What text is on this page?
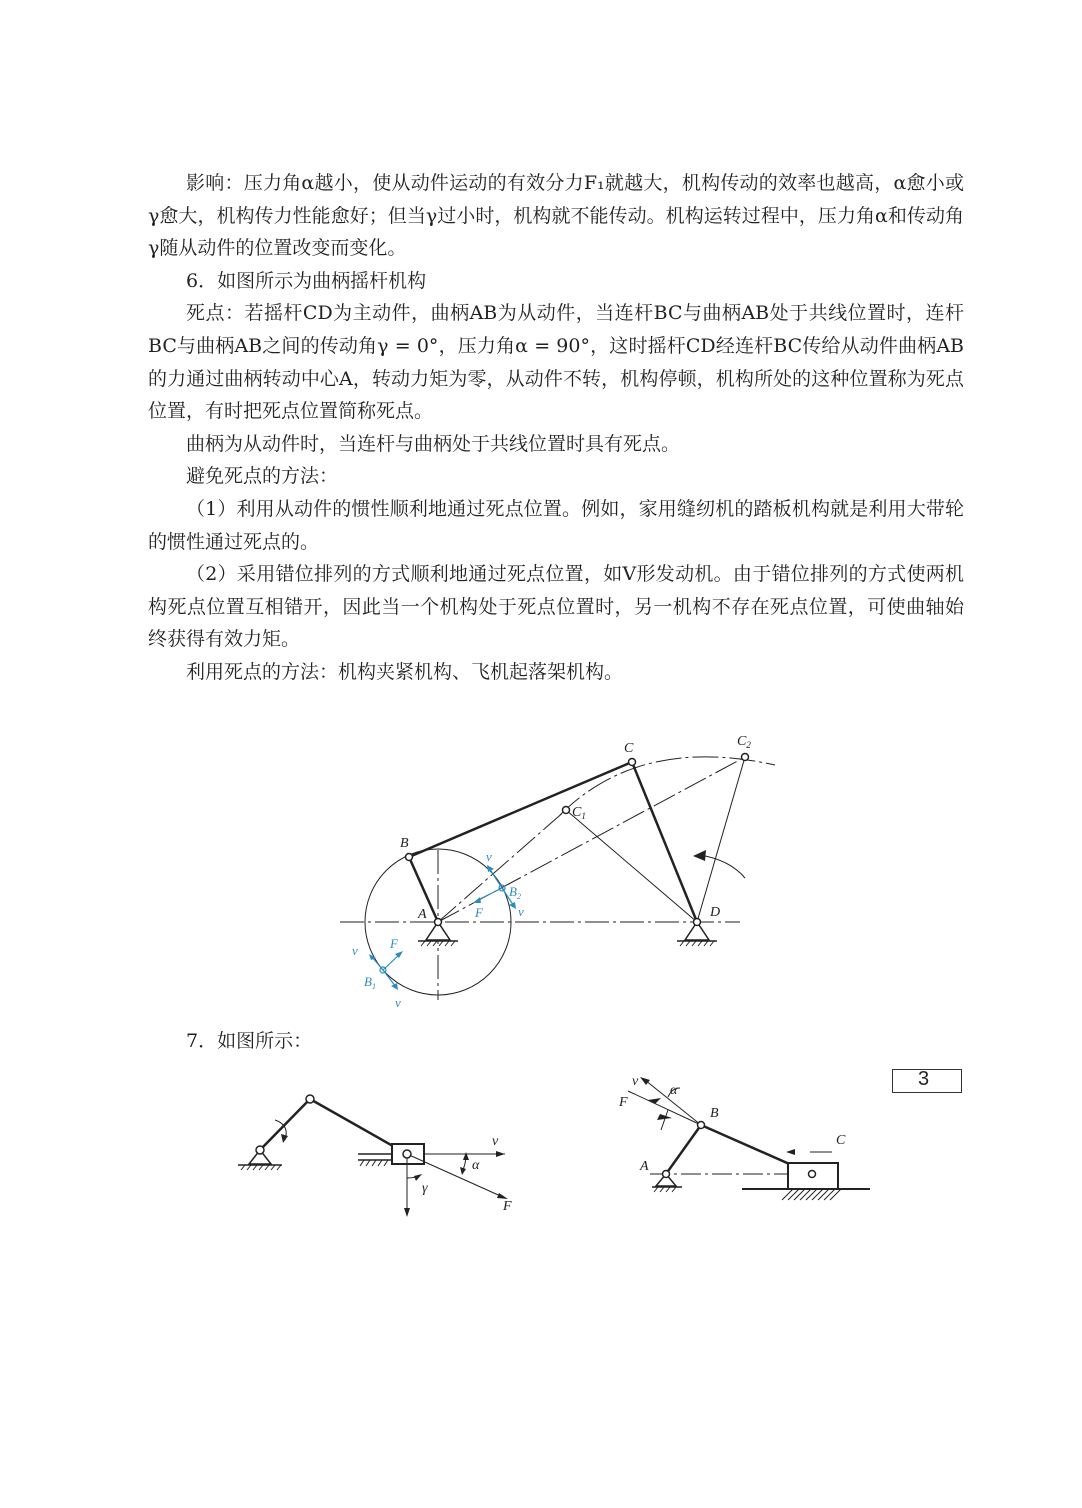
影响：压力角α越小，使从动件运动的有效分力F₁就越大，机构传动的效率也越高，α愈小或γ愈大，机构传力性能愈好；但当γ过小时，机构就不能传动。机构运转过程中，压力角α和传动角γ随从动件的位置改变而变化。

6．如图所示为曲柄摇杆机构

死点：若摇杆CD为主动件，曲柄AB为从动件，当连杆BC与曲柄AB处于共线位置时，连杆BC与曲柄AB之间的传动角γ = 0°，压力角α = 90°，这时摇杆CD经连杆BC传给从动件曲柄AB的力通过曲柄转动中心A，转动力矩为零，从动件不转，机构停顿，机构所处的这种位置称为死点位置，有时把死点位置简称死点。

曲柄为从动件时，当连杆与曲柄处于共线位置时具有死点。

避免死点的方法：

（1）利用从动件的惯性顺利地通过死点位置。例如，家用缝纫机的踏板机构就是利用大带轮的惯性通过死点的。

（2）采用错位排列的方式顺利地通过死点位置，如V形发动机。由于错位排列的方式使两机构死点位置互相错开，因此当一个机构处于死点位置时，另一机构不存在死点位置，可使曲轴始终获得有效力矩。

利用死点的方法：机构夹紧机构、飞机起落架机构。

C	$C_2$
$C_1$
B
A	D
$B_2$
$B_1$
v
v
F
F
v
v

7．如图所示：

v
α
γ
F
v
α
F
B
A
C
3
